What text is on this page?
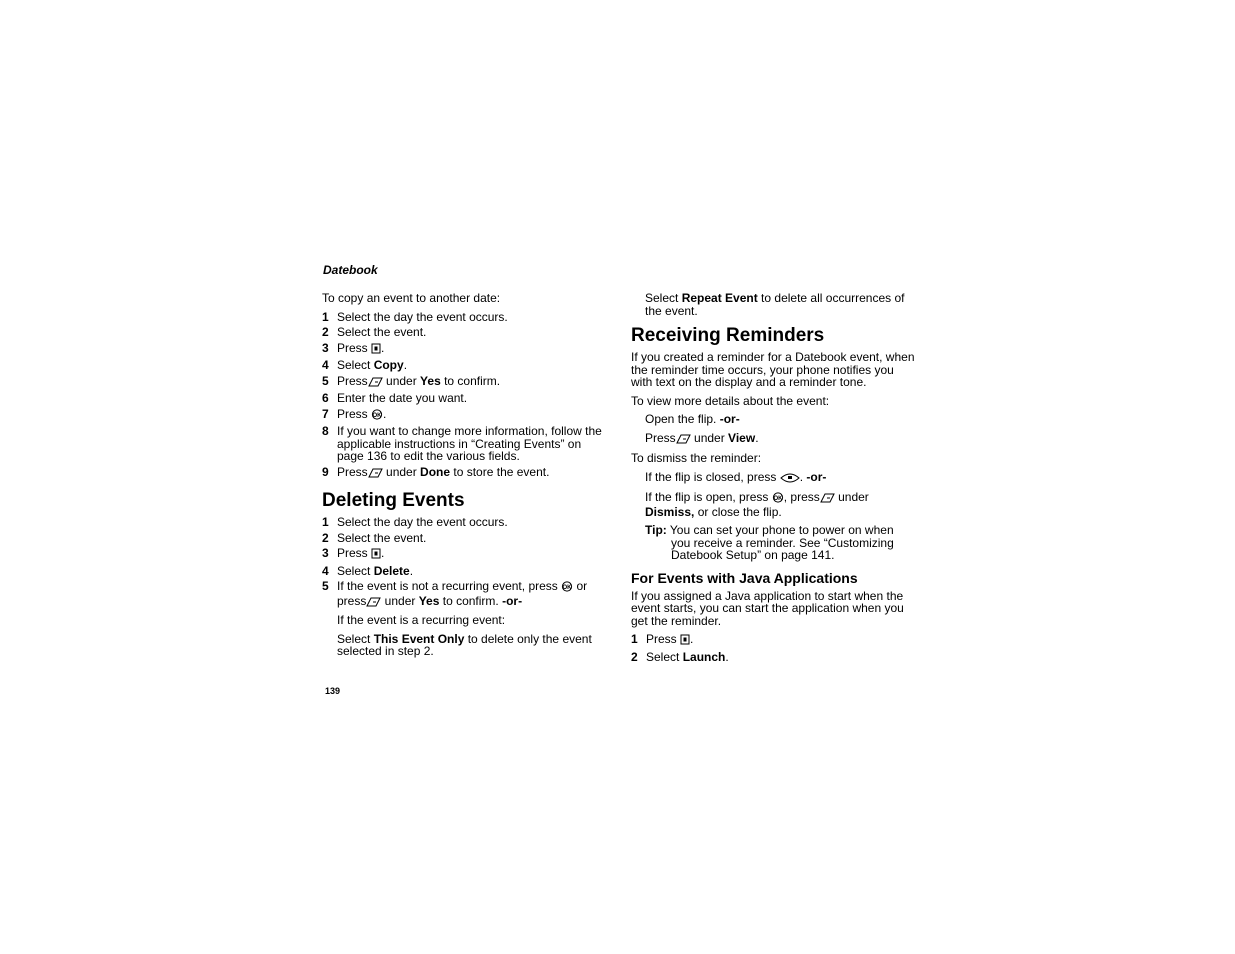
Datebook

To copy an event to another date:

1 Select the day the event occurs.
2 Select the event.
3 Press .
4 Select Copy.
5 Press under Yes to confirm.
6 Enter the date you want.
7 Press OK .
8 If you want to change more information, follow the applicable instructions in “Creating Events” on page 136 to edit the various fields.
9 Press under Done to store the event.
Deleting Events
1 Select the day the event occurs.
2 Select the event.
3 Press .
4 Select Delete.
5 If the event is not a recurring event, press OK or press under Yes to confirm. -or-

If the event is a recurring event:

Select This Event Only to delete only the event selected in step 2.

Select Repeat Event to delete all occurrences of the event.

Receiving Reminders

If you created a reminder for a Datebook event, when the reminder time occurs, your phone notifies you with text on the display and a reminder tone.

To view more details about the event:

Open the flip. -or-

Press under View.

To dismiss the reminder:

If the flip is closed, press . -or-

If the flip is open, press OK , press under Dismiss, or close the flip.

Tip: You can set your phone to power on when
you receive a reminder. See “Customizing Datebook Setup” on page 141.
For Events with Java Applications

If you assigned a Java application to start when the event starts, you can start the application when you get the reminder.

1 Press .
2 Select Launch.
139
